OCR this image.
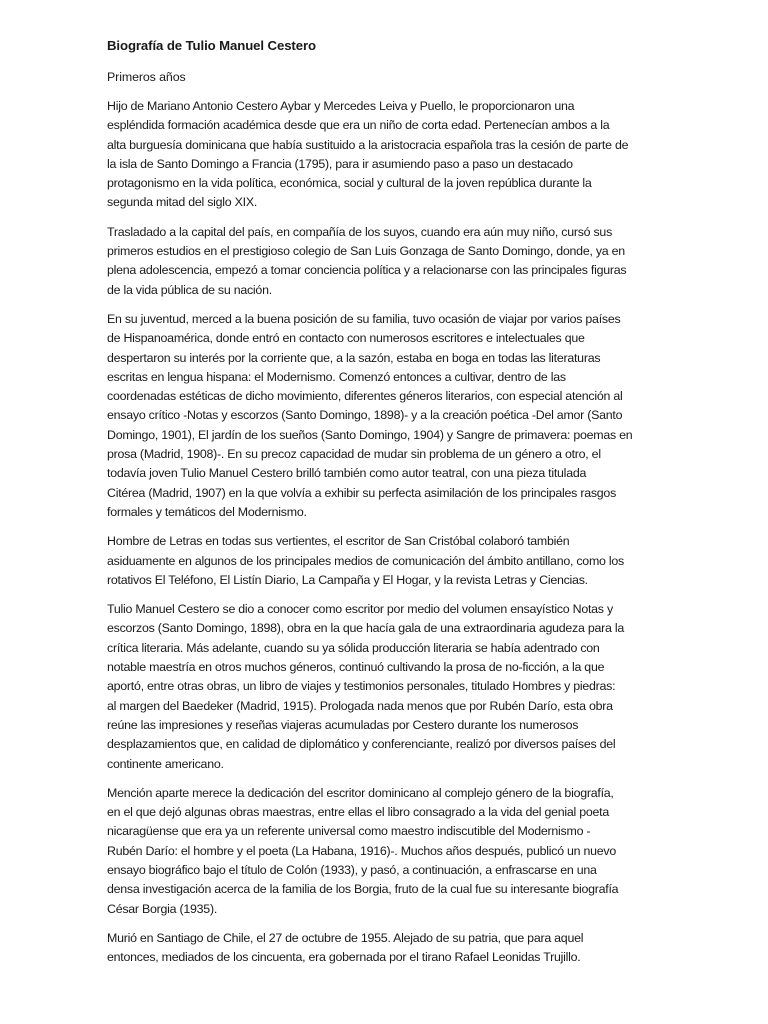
Biografía de Tulio Manuel Cestero
Primeros años

Hijo de Mariano Antonio Cestero Aybar y Mercedes Leiva y Puello, le proporcionaron una
espléndida formación académica desde que era un niño de corta edad. Pertenecían ambos a la
alta burguesía dominicana que había sustituido a la aristocracia española tras la cesión de parte de
la isla de Santo Domingo a Francia (1795), para ir asumiendo paso a paso un destacado
protagonismo en la vida política, económica, social y cultural de la joven república durante la
segunda mitad del siglo XIX.

Trasladado a la capital del país, en compañía de los suyos, cuando era aún muy niño, cursó sus
primeros estudios en el prestigioso colegio de San Luis Gonzaga de Santo Domingo, donde, ya en
plena adolescencia, empezó a tomar conciencia política y a relacionarse con las principales figuras
de la vida pública de su nación.

En su juventud, merced a la buena posición de su familia, tuvo ocasión de viajar por varios países
de Hispanoamérica, donde entró en contacto con numerosos escritores e intelectuales que
despertaron su interés por la corriente que, a la sazón, estaba en boga en todas las literaturas
escritas en lengua hispana: el Modernismo. Comenzó entonces a cultivar, dentro de las
coordenadas estéticas de dicho movimiento, diferentes géneros literarios, con especial atención al
ensayo crítico -Notas y escorzos (Santo Domingo, 1898)- y a la creación poética -Del amor (Santo
Domingo, 1901), El jardín de los sueños (Santo Domingo, 1904) y Sangre de primavera: poemas en
prosa (Madrid, 1908)-. En su precoz capacidad de mudar sin problema de un género a otro, el
todavía joven Tulio Manuel Cestero brilló también como autor teatral, con una pieza titulada
Citérea (Madrid, 1907) en la que volvía a exhibir su perfecta asimilación de los principales rasgos
formales y temáticos del Modernismo.

Hombre de Letras en todas sus vertientes, el escritor de San Cristóbal colaboró también
asiduamente en algunos de los principales medios de comunicación del ámbito antillano, como los
rotativos El Teléfono, El Listín Diario, La Campaña y El Hogar, y la revista Letras y Ciencias.

Tulio Manuel Cestero se dio a conocer como escritor por medio del volumen ensayístico Notas y
escorzos (Santo Domingo, 1898), obra en la que hacía gala de una extraordinaria agudeza para la
crítica literaria. Más adelante, cuando su ya sólida producción literaria se había adentrado con
notable maestría en otros muchos géneros, continuó cultivando la prosa de no-ficción, a la que
aportó, entre otras obras, un libro de viajes y testimonios personales, titulado Hombres y piedras:
al margen del Baedeker (Madrid, 1915). Prologada nada menos que por Rubén Darío, esta obra
reúne las impresiones y reseñas viajeras acumuladas por Cestero durante los numerosos
desplazamientos que, en calidad de diplomático y conferenciante, realizó por diversos países del
continente americano.

Mención aparte merece la dedicación del escritor dominicano al complejo género de la biografía,
en el que dejó algunas obras maestras, entre ellas el libro consagrado a la vida del genial poeta
nicaragüense que era ya un referente universal como maestro indiscutible del Modernismo -
Rubén Darío: el hombre y el poeta (La Habana, 1916)-. Muchos años después, publicó un nuevo
ensayo biográfico bajo el título de Colón (1933), y pasó, a continuación, a enfrascarse en una
densa investigación acerca de la familia de los Borgia, fruto de la cual fue su interesante biografía
César Borgia (1935).

Murió en Santiago de Chile, el 27 de octubre de 1955. Alejado de su patria, que para aquel
entonces, mediados de los cincuenta, era gobernada por el tirano Rafael Leonidas Trujillo.
